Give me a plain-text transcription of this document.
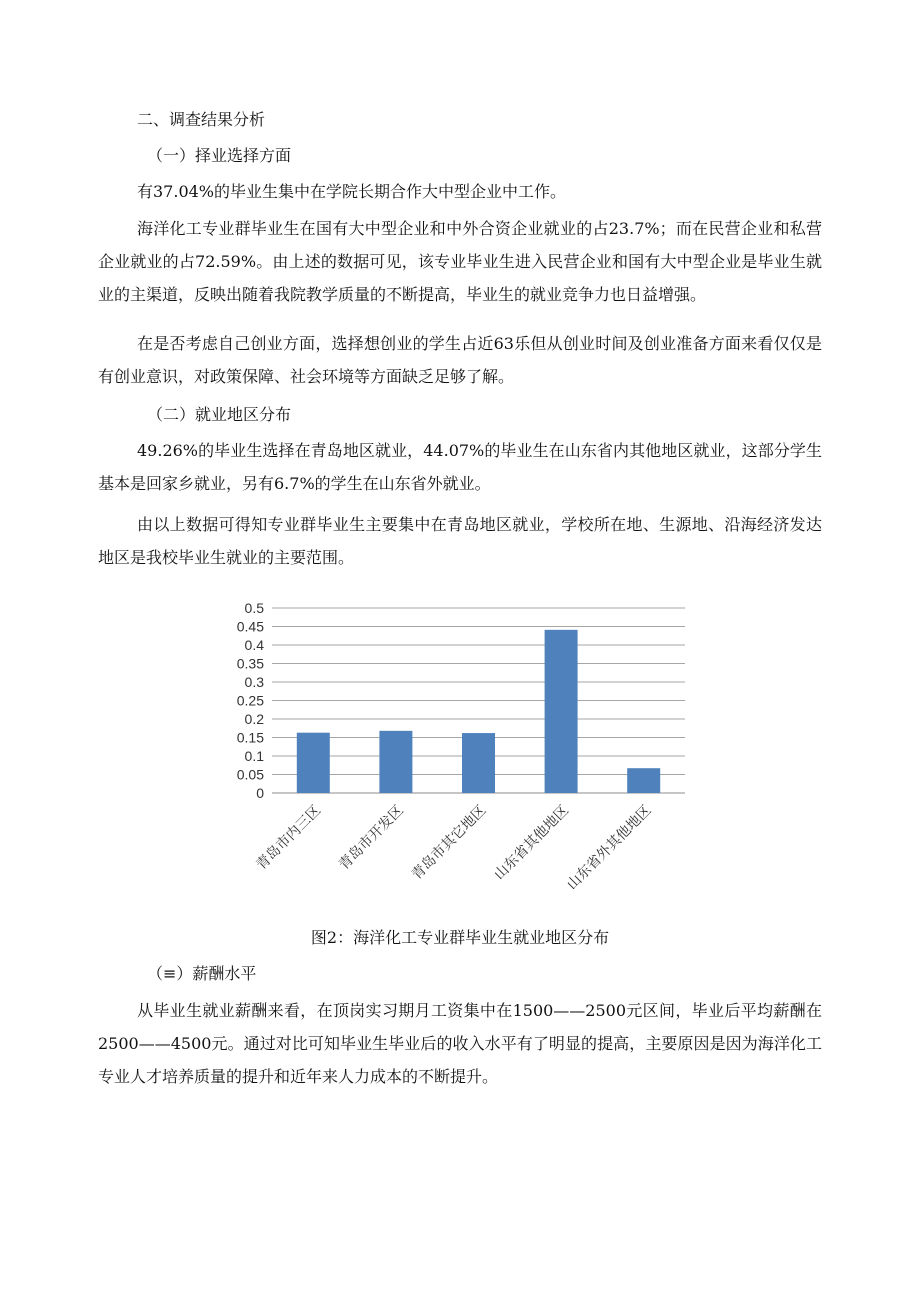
二、调查结果分析
（一）择业选择方面
有37.04%的毕业生集中在学院长期合作大中型企业中工作。
海洋化工专业群毕业生在国有大中型企业和中外合资企业就业的占23.7%；而在民营企业和私营企业就业的占72.59%。由上述的数据可见，该专业毕业生进入民营企业和国有大中型企业是毕业生就业的主渠道，反映出随着我院教学质量的不断提高，毕业生的就业竞争力也日益增强。
在是否考虑自己创业方面，选择想创业的学生占近63乐但从创业时间及创业准备方面来看仅仅是有创业意识，对政策保障、社会环境等方面缺乏足够了解。
（二）就业地区分布
49.26%的毕业生选择在青岛地区就业，44.07%的毕业生在山东省内其他地区就业，这部分学生基本是回家乡就业，另有6.7%的学生在山东省外就业。
由以上数据可得知专业群毕业生主要集中在青岛地区就业，学校所在地、生源地、沿海经济发达地区是我校毕业生就业的主要范围。
0
0.05
0.1
0.15
0.2
0.25
0.3
0.35
0.4
0.45
0.5
青岛市内三区 青岛市开发区 青岛市其它地区 山东省其他地区
山东省外其他地区
图2：海洋化工专业群毕业生就业地区分布
（≡）薪酬水平
从毕业生就业薪酬来看，在顶岗实习期月工资集中在1500——2500元区间，毕业后平均薪酬在2500——4500元。通过对比可知毕业生毕业后的收入水平有了明显的提高，主要原因是因为海洋化工专业人才培养质量的提升和近年来人力成本的不断提升。
